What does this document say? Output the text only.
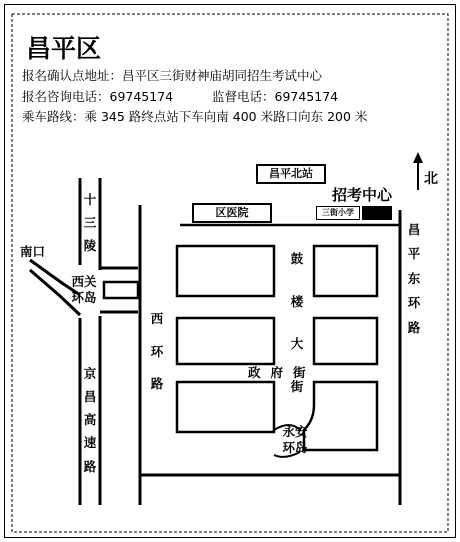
昌平区
报名确认点地址：昌平区三街财神庙胡同招生考试中心
报名咨询电话：69745174	监督电话：69745174
乘车路线：乘 345 路终点站下车向南 400 米路口向东 200 米
北
昌平北站
招考中心
区医院	三街小学
南口
十
三
陵
西关
环岛
京
昌
高
速
路
西
环
路
昌
平
东
环
路
鼓
楼
大
街
政府街
永安
环岛
